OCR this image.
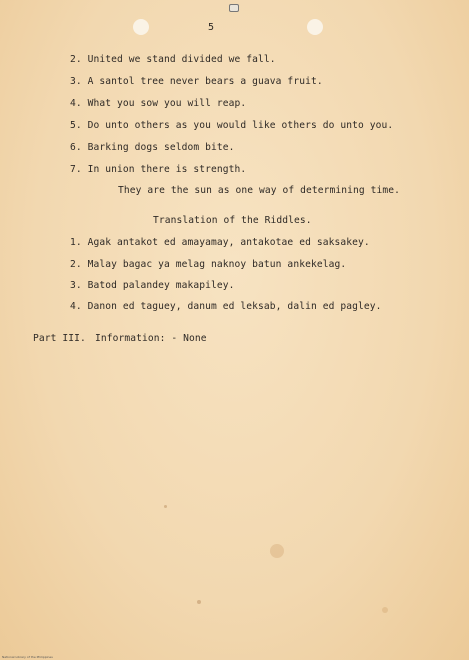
5
2. United we stand divided we fall.
3. A santol tree never bears a guava fruit.
4. What you sow you will reap.
5. Do unto others as you would like others do unto you.
6. Barking dogs seldom bite.
7. In union there is strength.
They are the sun as one way of determining time.
Translation of the Riddles.
1. Agak antakot ed amayamay, antakotae ed saksakey.
2. Malay bagac ya melag naknoy batun ankekelag.
3. Batod palandey makapiley.
4. Danon ed taguey, danum ed leksab, dalin ed pagley.
Part III. Information: - None
National Library of the Philippines
